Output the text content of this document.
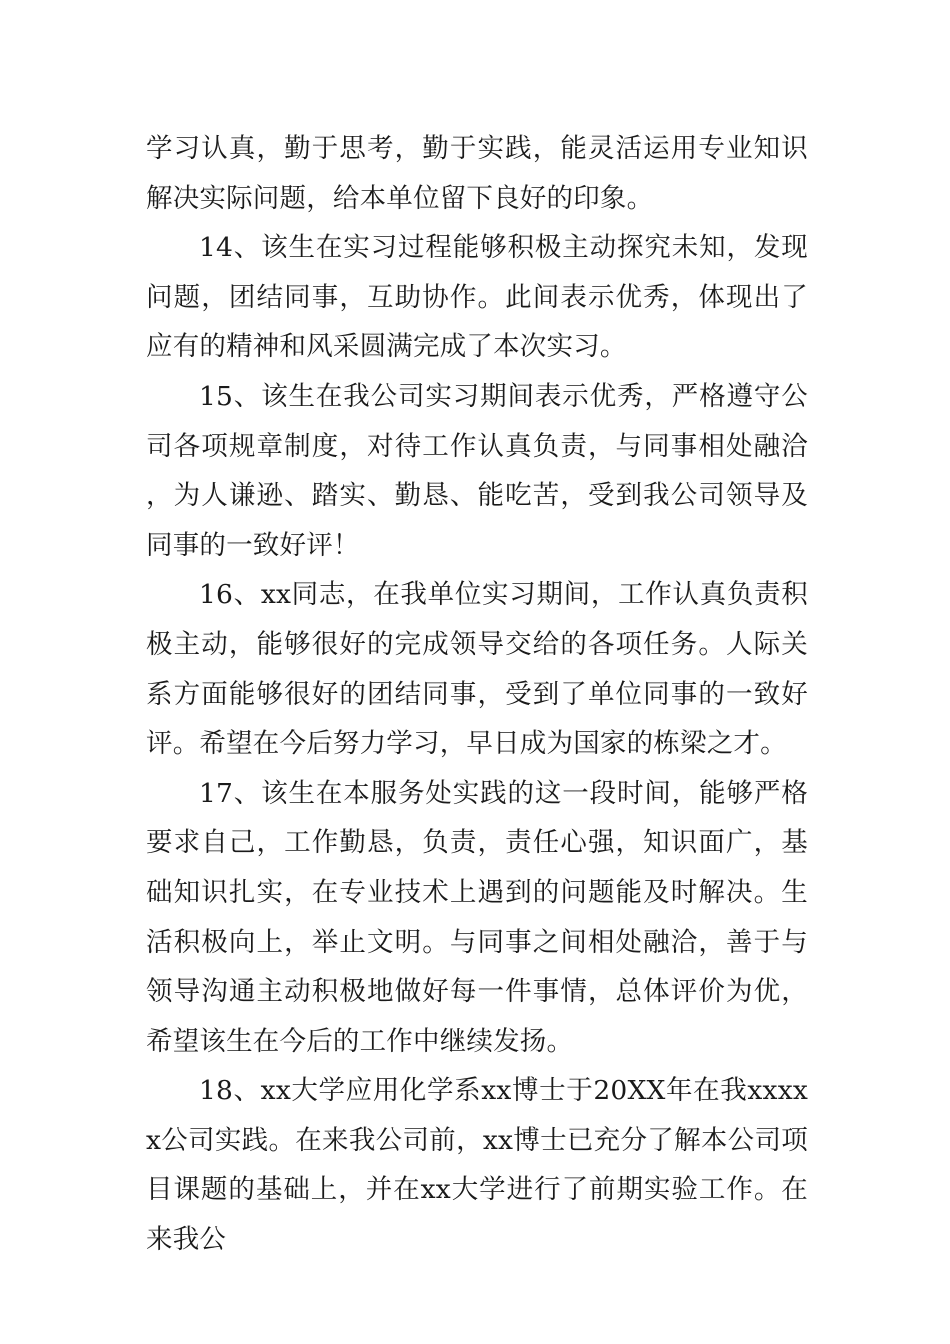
学习认真，勤于思考，勤于实践，能灵活运用专业知识解决实际问题，给本单位留下良好的印象。

14、该生在实习过程能够积极主动探究未知，发现问题，团结同事，互助协作。此间表示优秀，体现出了应有的精神和风采圆满完成了本次实习。

15、该生在我公司实习期间表示优秀，严格遵守公司各项规章制度，对待工作认真负责，与同事相处融洽，为人谦逊、踏实、勤恳、能吃苦，受到我公司领导及同事的一致好评！

16、xx同志，在我单位实习期间，工作认真负责积极主动，能够很好的完成领导交给的各项任务。人际关系方面能够很好的团结同事，受到了单位同事的一致好评。希望在今后努力学习，早日成为国家的栋梁之才。

17、该生在本服务处实践的这一段时间，能够严格要求自己，工作勤恳，负责，责任心强，知识面广，基础知识扎实，在专业技术上遇到的问题能及时解决。生活积极向上，举止文明。与同事之间相处融洽，善于与领导沟通主动积极地做好每一件事情，总体评价为优，希望该生在今后的工作中继续发扬。

18、xx大学应用化学系xx博士于20XX年在我xxxxx公司实践。在来我公司前，xx博士已充分了解本公司项目课题的基础上，并在xx大学进行了前期实验工作。在来我公
